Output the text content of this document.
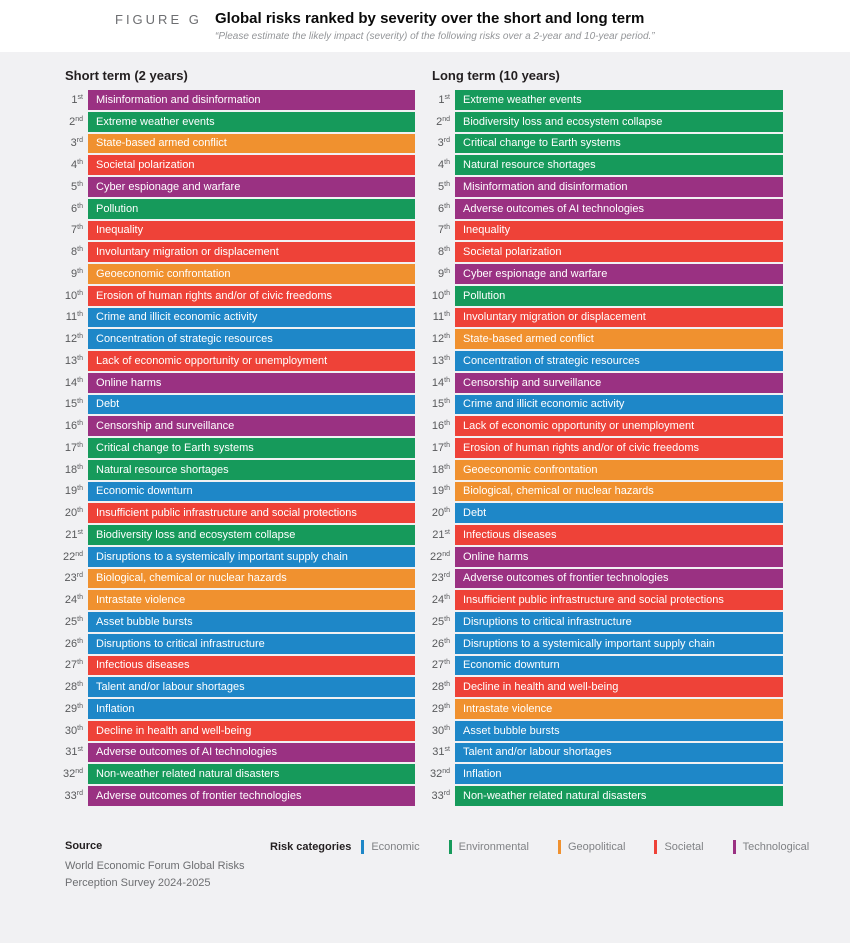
FIGURE G Global risks ranked by severity over the short and long term

“Please estimate the likely impact (severity) of the following risks over a 2-year and 10-year period.”

Short term (2 years)
1st	Misinformation and disinformation
2nd	Extreme weather events
3rd	State-based armed conflict
4th	Societal polarization
5th	Cyber espionage and warfare
6th	Pollution
7th	Inequality
8th	Involuntary migration or displacement
9th	Geoeconomic confrontation
10th	Erosion of human rights and/or of civic freedoms
11th	Crime and illicit economic activity
12th	Concentration of strategic resources
13th	Lack of economic opportunity or unemployment
14th	Online harms
15th	Debt
16th	Censorship and surveillance
17th	Critical change to Earth systems
18th	Natural resource shortages
19th	Economic downturn
20th	Insufficient public infrastructure and social protections
21st	Biodiversity loss and ecosystem collapse
22nd	Disruptions to a systemically important supply chain
23rd	Biological, chemical or nuclear hazards
24th	Intrastate violence
25th	Asset bubble bursts
26th	Disruptions to critical infrastructure
27th	Infectious diseases
28th	Talent and/or labour shortages
29th	Inflation
30th	Decline in health and well-being
31st	Adverse outcomes of AI technologies
32nd	Non-weather related natural disasters
33rd	Adverse outcomes of frontier technologies
Long term (10 years)
1st	Extreme weather events
2nd	Biodiversity loss and ecosystem collapse
3rd	Critical change to Earth systems
4th	Natural resource shortages
5th	Misinformation and disinformation
6th	Adverse outcomes of AI technologies
7th	Inequality
8th	Societal polarization
9th	Cyber espionage and warfare
10th	Pollution
11th	Involuntary migration or displacement
12th	State-based armed conflict
13th	Concentration of strategic resources
14th	Censorship and surveillance
15th	Crime and illicit economic activity
16th	Lack of economic opportunity or unemployment
17th	Erosion of human rights and/or of civic freedoms
18th	Geoeconomic confrontation
19th	Biological, chemical or nuclear hazards
20th	Debt
21st	Infectious diseases
22nd	Online harms
23rd	Adverse outcomes of frontier technologies
24th	Insufficient public infrastructure and social protections
25th	Disruptions to critical infrastructure
26th	Disruptions to a systemically important supply chain
27th	Economic downturn
28th	Decline in health and well-being
29th	Intrastate violence
30th	Asset bubble bursts
31st	Talent and/or labour shortages
32nd	Inflation
33rd	Non-weather related natural disasters
Source
World Economic Forum Global Risks
Perception Survey 2024-2025
Risk categories Economic	Environmental	Geopolitical	Societal	Technological
